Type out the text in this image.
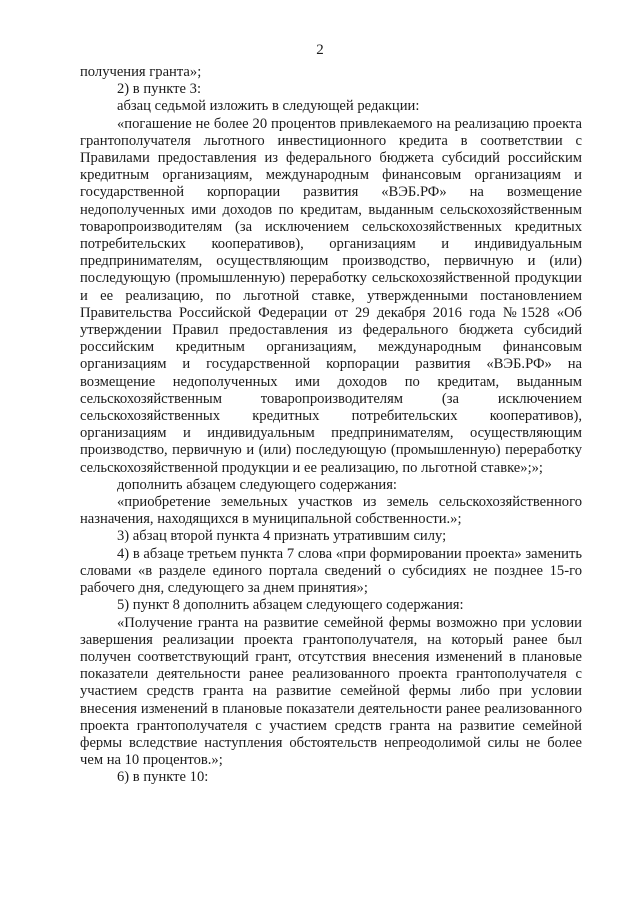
2

получения гранта»;

2) в пункте 3:

абзац седьмой изложить в следующей редакции:

«погашение не более 20 процентов привлекаемого на реализацию проекта грантополучателя льготного инвестиционного кредита в соответствии с Правилами предоставления из федерального бюджета субсидий российским кредитным организациям, международным финансовым организациям и государственной корпорации развития «ВЭБ.РФ» на возмещение недополученных ими доходов по кредитам, выданным сельскохозяйственным товаропроизводителям (за исключением сельскохозяйственных кредитных потребительских кооперативов), организациям и индивидуальным предпринимателям, осуществляющим производство, первичную и (или) последующую (промышленную) переработку сельскохозяйственной продукции и ее реализацию, по льготной ставке, утвержденными постановлением Правительства Российской Федерации от 29 декабря 2016 года №1528 «Об утверждении Правил предоставления из федерального бюджета субсидий российским кредитным организациям, международным финансовым организациям и государственной корпорации развития «ВЭБ.РФ» на возмещение недополученных ими доходов по кредитам, выданным сельскохозяйственным товаропроизводителям (за исключением сельскохозяйственных кредитных потребительских кооперативов), организациям и индивидуальным предпринимателям, осуществляющим производство, первичную и (или) последующую (промышленную) переработку сельскохозяйственной продукции и ее реализацию, по льготной ставке»;»;

дополнить абзацем следующего содержания:

«приобретение земельных участков из земель сельскохозяйственного назначения, находящихся в муниципальной собственности.»;

3) абзац второй пункта 4 признать утратившим силу;

4) в абзаце третьем пункта 7 слова «при формировании проекта» заменить словами «в разделе единого портала сведений о субсидиях не позднее 15-го рабочего дня, следующего за днем принятия»;

5) пункт 8 дополнить абзацем следующего содержания:

«Получение гранта на развитие семейной фермы возможно при условии завершения реализации проекта грантополучателя, на который ранее был получен соответствующий грант, отсутствия внесения изменений в плановые показатели деятельности ранее реализованного проекта грантополучателя с участием средств гранта на развитие семейной фермы либо при условии внесения изменений в плановые показатели деятельности ранее реализованного проекта грантополучателя с участием средств гранта на развитие семейной фермы вследствие наступления обстоятельств непреодолимой силы не более чем на 10 процентов.»;

6) в пункте 10:
